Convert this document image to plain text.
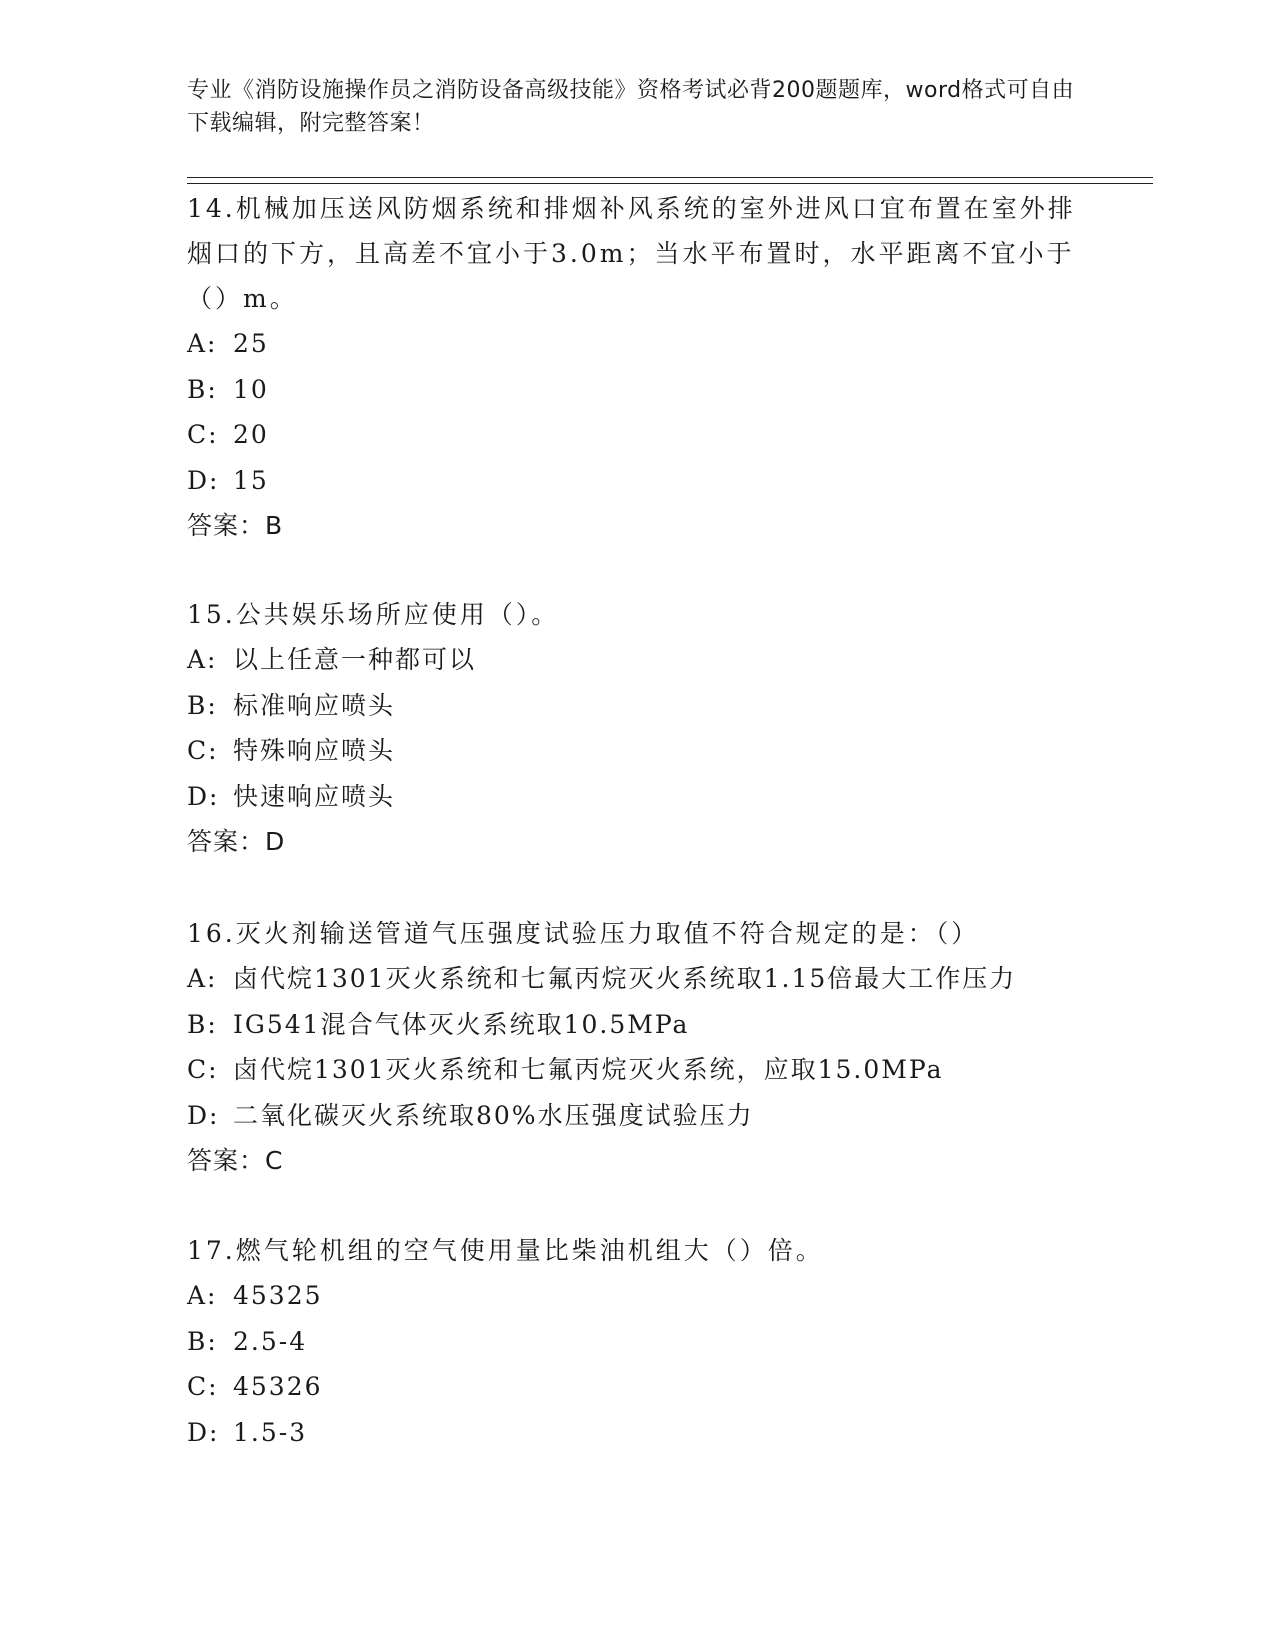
专业《消防设施操作员之消防设备高级技能》资格考试必背200题题库，word格式可自由下载编辑，附完整答案！

14.机械加压送风防烟系统和排烟补风系统的室外进风口宜布置在室外排烟口的下方，且高差不宜小于3.0m；当水平布置时，水平距离不宜小于（）m。

A: 25

B: 10

C: 20

D: 15

答案：B

15.公共娱乐场所应使用（）。

A: 以上任意一种都可以

B: 标准响应喷头

C: 特殊响应喷头

D: 快速响应喷头

答案：D

16.灭火剂输送管道气压强度试验压力取值不符合规定的是：（）

A: 卤代烷1301灭火系统和七氟丙烷灭火系统取1.15倍最大工作压力

B: IG541混合气体灭火系统取10.5MPa

C: 卤代烷1301灭火系统和七氟丙烷灭火系统，应取15.0MPa

D: 二氧化碳灭火系统取80%水压强度试验压力

答案：C

17.燃气轮机组的空气使用量比柴油机组大（）倍。

A: 45325

B: 2.5-4

C: 45326

D: 1.5-3
